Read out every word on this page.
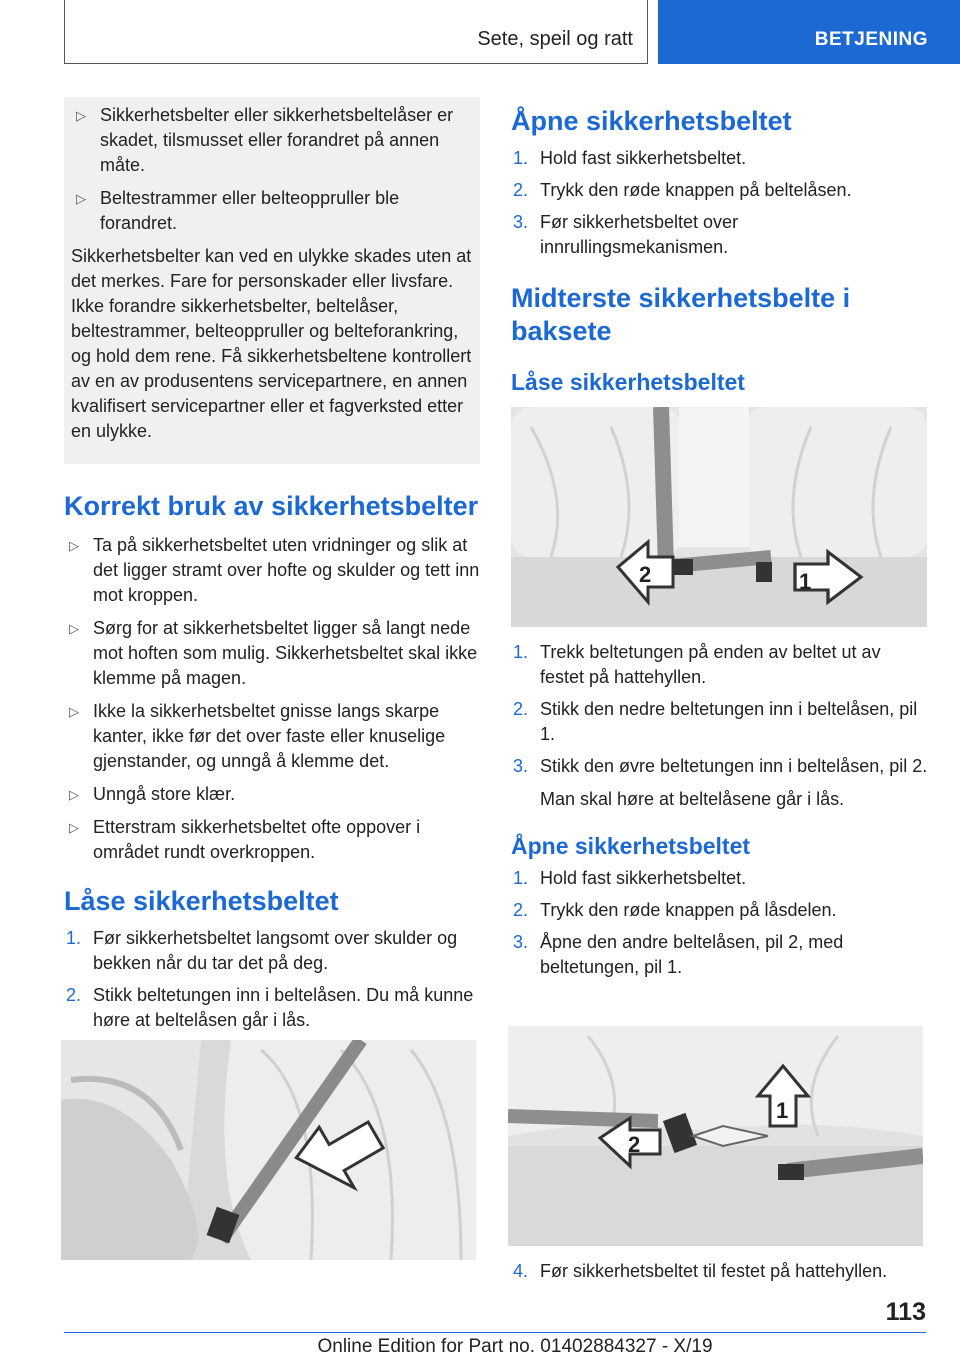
Sete, speil og ratt	BETJENING
▷ Sikkerhetsbelter eller sikkerhetsbeltelåser er skadet, tilsmusset eller forandret på annen måte.
▷ Beltestrammer eller belteoppruller ble forandret.

Sikkerhetsbelter kan ved en ulykke skades uten at det merkes. Fare for personskader eller livsfare. Ikke forandre sikkerhetsbelter, beltelåser, beltestrammer, belteoppruller og belteforankring, og hold dem rene. Få sikkerhetsbeltene kontrollert av en av produsentens servicepartnere, en annen kvalifisert servicepartner eller et fagverksted etter en ulykke.

Korrekt bruk av sikkerhetsbelter
▷ Ta på sikkerhetsbeltet uten vridninger og slik at det ligger stramt over hofte og skulder og tett inn mot kroppen.
▷ Sørg for at sikkerhetsbeltet ligger så langt nede mot hoften som mulig. Sikkerhetsbeltet skal ikke klemme på magen.
▷ Ikke la sikkerhetsbeltet gnisse langs skarpe kanter, ikke før det over faste eller knuselige gjenstander, og unngå å klemme det.
▷ Unngå store klær.
▷ Etterstram sikkerhetsbeltet ofte oppover i området rundt overkroppen.
Låse sikkerhetsbeltet
1. Før sikkerhetsbeltet langsomt over skulder og bekken når du tar det på deg.
2. Stikk beltetungen inn i beltelåsen. Du må kunne høre at beltelåsen går i lås.
Åpne sikkerhetsbeltet
1. Hold fast sikkerhetsbeltet.
2. Trykk den røde knappen på beltelåsen.
3. Før sikkerhetsbeltet over innrullingsmekanismen.
Midterste sikkerhetsbelte i baksete
Låse sikkerhetsbeltet
2	1
1. Trekk beltetungen på enden av beltet ut av festet på hattehyllen.
2. Stikk den nedre beltetungen inn i beltelåsen, pil 1.
3. Stikk den øvre beltetungen inn i beltelåsen, pil 2.
Man skal høre at beltelåsene går i lås.
Åpne sikkerhetsbeltet
1. Hold fast sikkerhetsbeltet.
2. Trykk den røde knappen på låsdelen.
3. Åpne den andre beltelåsen, pil 2, med beltetungen, pil 1.
2
1
4. Før sikkerhetsbeltet til festet på hattehyllen.
113
Online Edition for Part no. 01402884327 - X/19
